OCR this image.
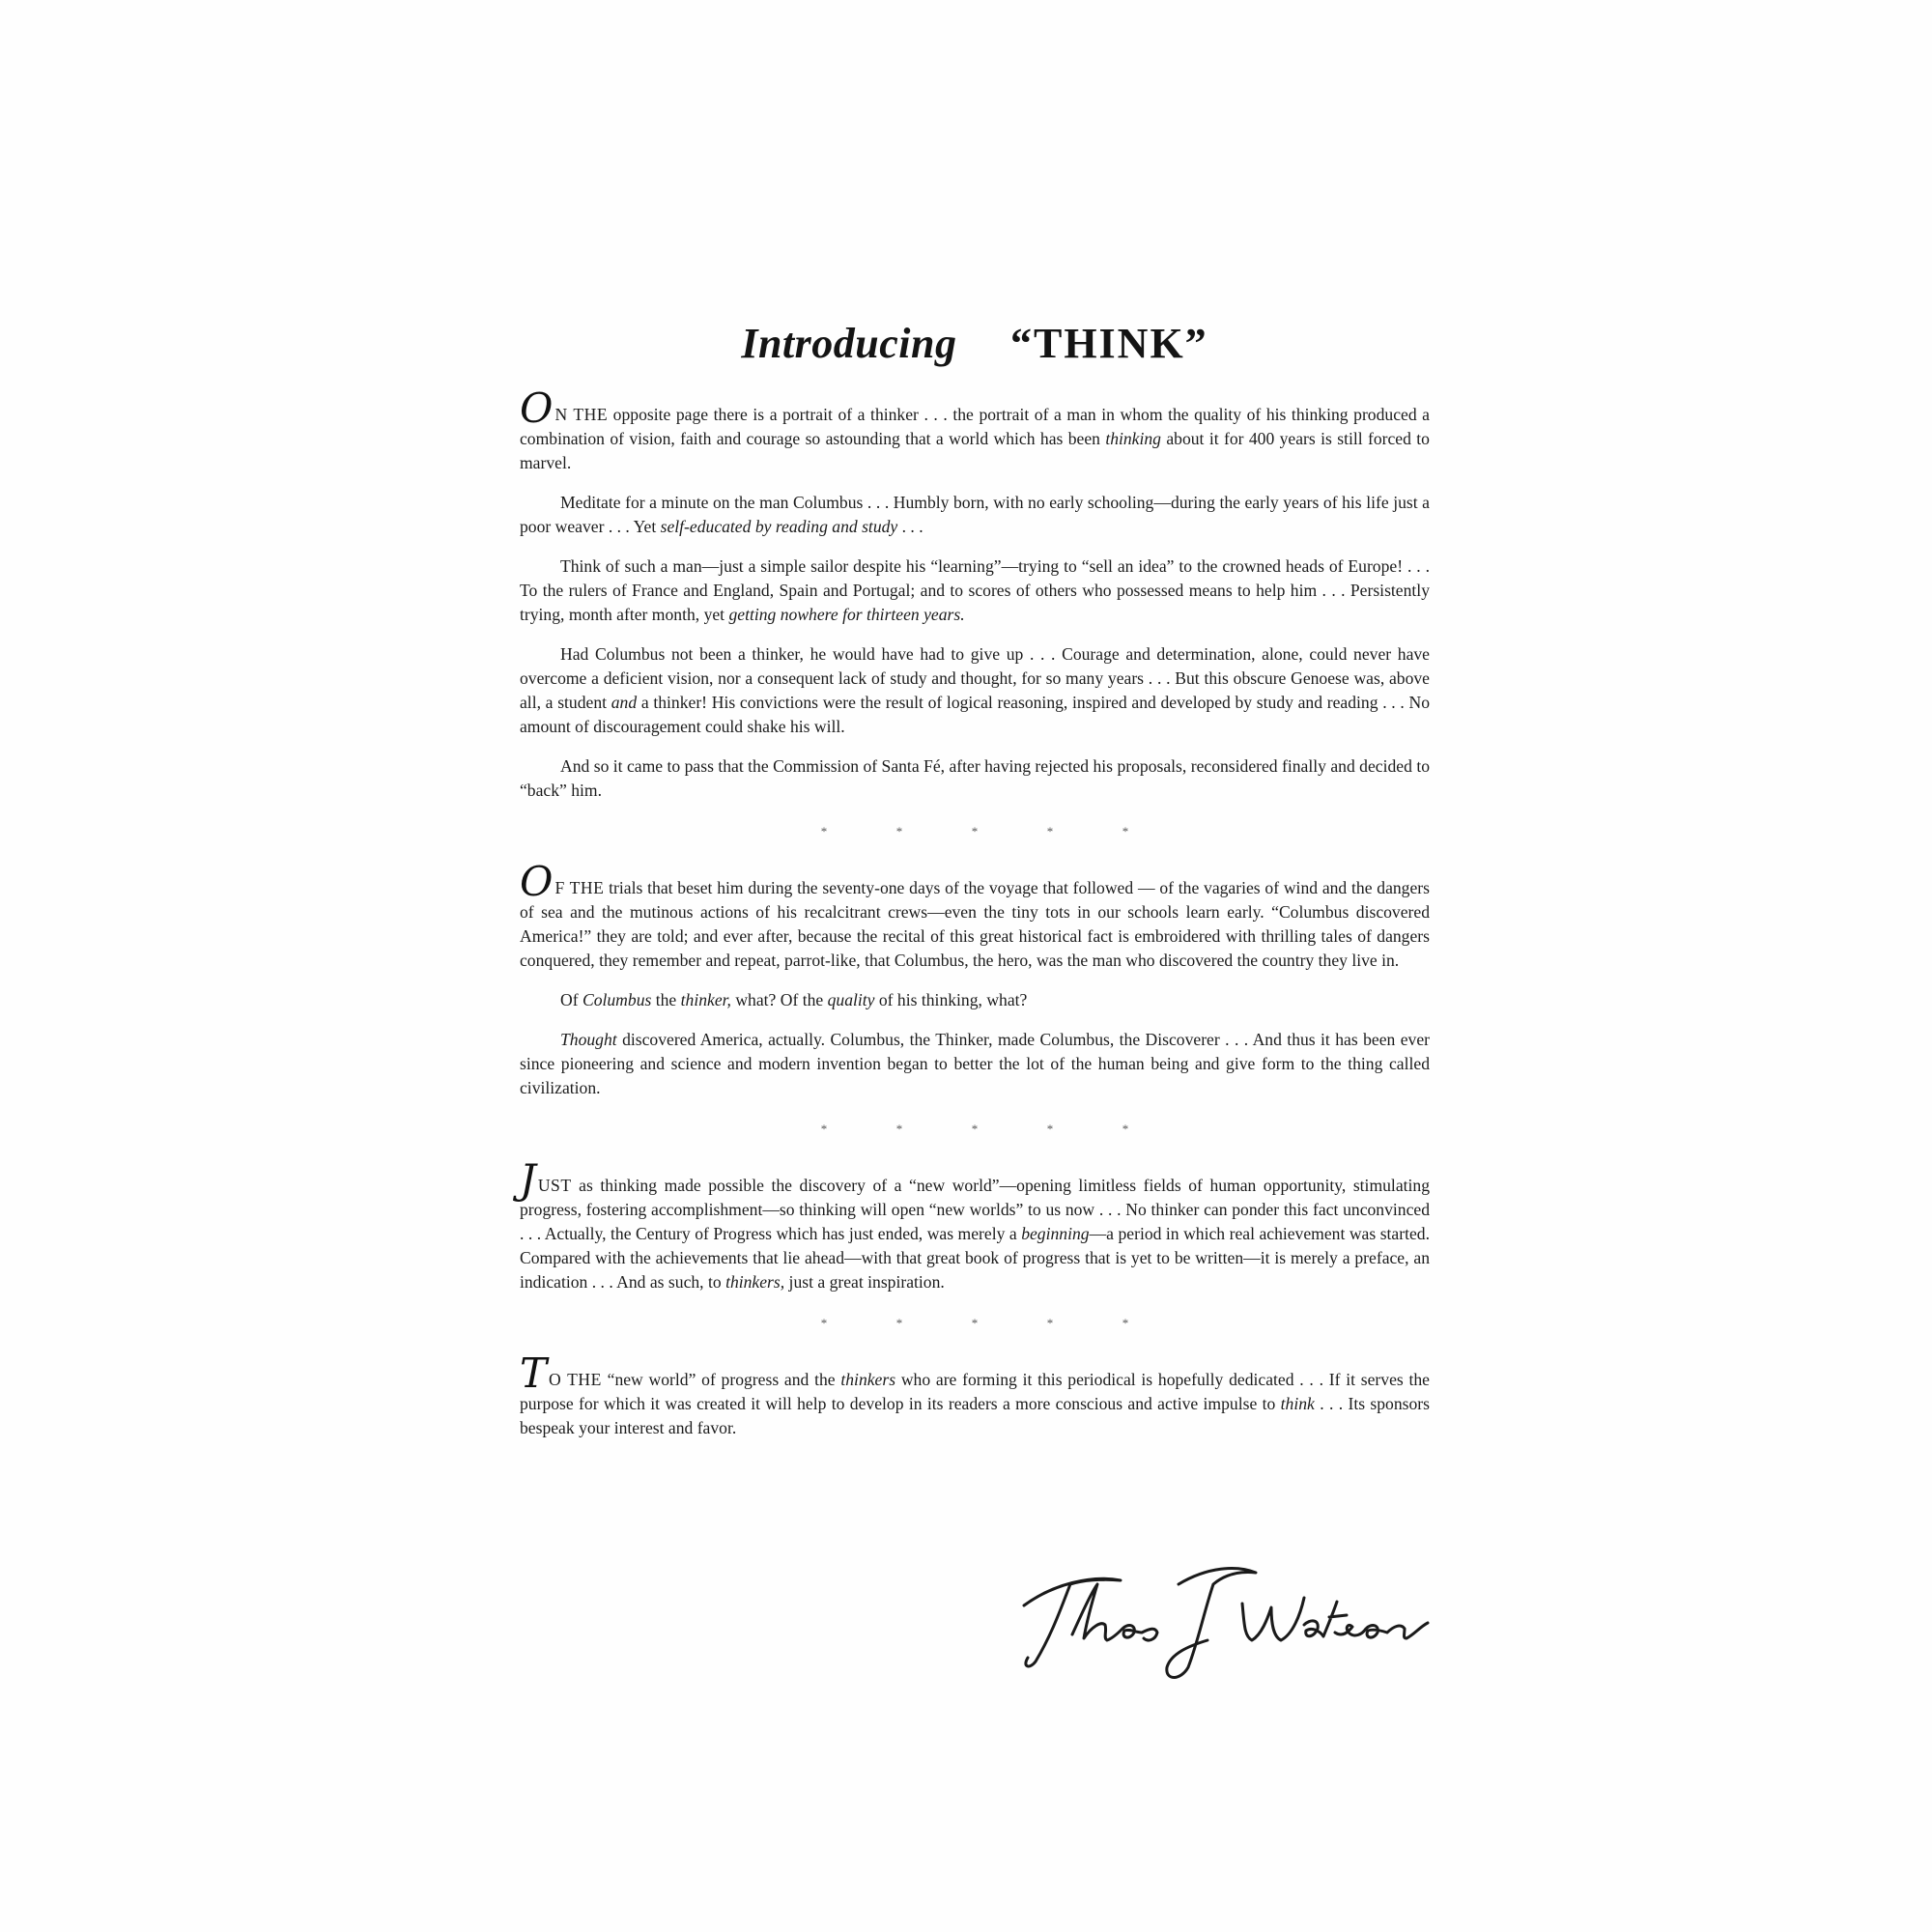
Introducing “THINK”

O N THE opposite page there is a portrait of a thinker . . . the portrait of a man in whom the quality of his thinking produced a combination of vision, faith and courage so astounding that a world which has been thinking about it for 400 years is still forced to marvel.

Meditate for a minute on the man Columbus . . . Humbly born, with no early schooling—during the early years of his life just a poor weaver . . . Yet self-educated by reading and study . . .

Think of such a man—just a simple sailor despite his “learning”—trying to “sell an idea” to the crowned heads of Europe! . . . To the rulers of France and England, Spain and Portugal; and to scores of others who possessed means to help him . . . Persistently trying, month after month, yet getting nowhere for thirteen years.

Had Columbus not been a thinker, he would have had to give up . . . Courage and determination, alone, could never have overcome a deficient vision, nor a consequent lack of study and thought, for so many years . . . But this obscure Genoese was, above all, a student and a thinker! His convictions were the result of logical reasoning, inspired and developed by study and reading . . . No amount of discouragement could shake his will.

And so it came to pass that the Commission of Santa Fé, after having rejected his proposals, reconsidered finally and decided to “back” him.

*	*	*	*	*

O F THE trials that beset him during the seventy-one days of the voyage that followed — of the vagaries of wind and the dangers of sea and the mutinous actions of his recalcitrant crews—even the tiny tots in our schools learn early. “Columbus discovered America!” they are told; and ever after, because the recital of this great historical fact is embroidered with thrilling tales of dangers conquered, they remember and repeat, parrot-like, that Columbus, the hero, was the man who discovered the country they live in.

Of Columbus the thinker, what? Of the quality of his thinking, what?

Thought discovered America, actually. Columbus, the Thinker, made Columbus, the Discoverer . . . And thus it has been ever since pioneering and science and modern invention began to better the lot of the human being and give form to the thing called civilization.

*	*	*	*	*

JUST as thinking made possible the discovery of a “new world”—opening limitless fields of human opportunity, stimulating progress, fostering accomplishment—so thinking will open “new worlds” to us now . . . No thinker can ponder this fact unconvinced . . . Actually, the Century of Progress which has just ended, was merely a beginning—a period in which real achievement was started. Compared with the achievements that lie ahead—with that great book of progress that is yet to be written—it is merely a preface, an indication . . . And as such, to thinkers, just a great inspiration.

*	*	*	*	*

T O THE “new world” of progress and the thinkers who are forming it this periodical is hopefully dedicated . . . If it serves the purpose for which it was created it will help to develop in its readers a more conscious and active impulse to think . . . Its sponsors bespeak your interest and favor.
